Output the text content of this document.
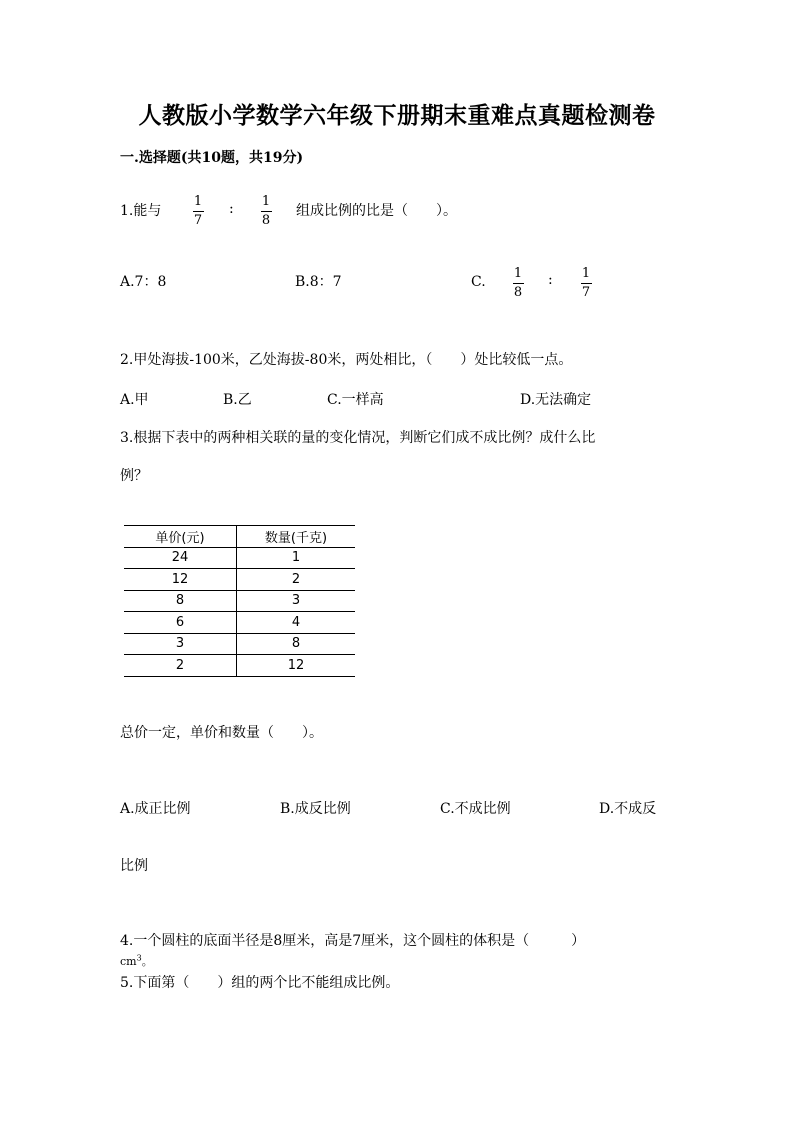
人教版小学数学六年级下册期末重难点真题检测卷
一.选择题(共10题，共19分)
1.能与
1
7
: 1
8
组成比例的比是（　　）。
A.7：8	B.8：7	C.
1
8
: 1
7
2.甲处海拔-100米，乙处海拔-80米，两处相比，（　　）处比较低一点。
A.甲	B.乙	C.一样高	D.无法确定
3.根据下表中的两种相关联的量的变化情况，判断它们成不成比例？成什么比
例？
单价(元)	数量(千克)
24	1
12	2
8	3
6	4
3	8
2	12
总价一定，单价和数量（　　）。
A.成正比例	B.成反比例	C.不成比例	D.不成反
比例
4.一个圆柱的底面半径是8厘米，高是7厘米，这个圆柱的体积是（　　　）
$cm^3$。
5.下面第（　　）组的两个比不能组成比例。
